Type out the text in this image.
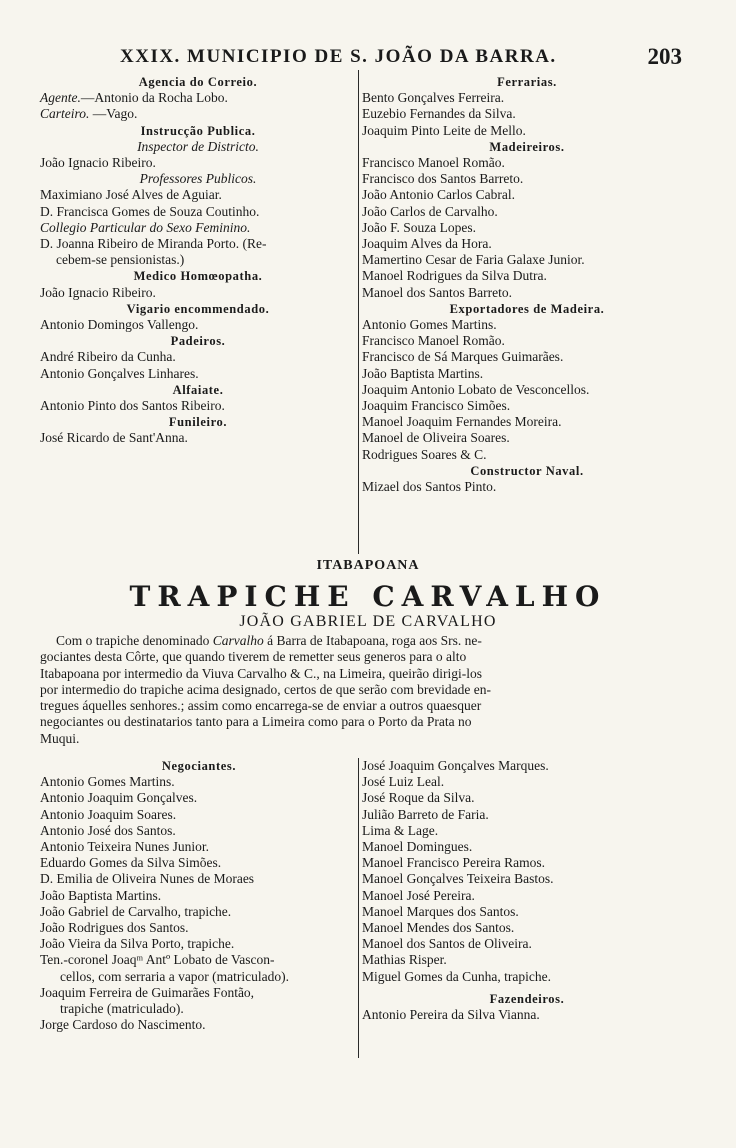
XXIX. MUNICIPIO DE S. JOÃO DA BARRA.	203
Agencia do Correio.
Agente.—Antonio da Rocha Lobo.
Carteiro. —Vago.
Instrucção Publica.
Inspector de Districto.
João Ignacio Ribeiro.
Professores Publicos.
Maximiano José Alves de Aguiar.
D. Francisca Gomes de Souza Coutinho.
Collegio Particular do Sexo Feminino.
D. Joanna Ribeiro de Miranda Porto. (Re-
cebem-se pensionistas.)
Medico Homœopatha.
João Ignacio Ribeiro.
Vigario encommendado.
Antonio Domingos Vallengo.
Padeiros.
André Ribeiro da Cunha.
Antonio Gonçalves Linhares.
Alfaiate.
Antonio Pinto dos Santos Ribeiro.
Funileiro.
José Ricardo de Sant'Anna.
Ferrarias.
Bento Gonçalves Ferreira.
Euzebio Fernandes da Silva.
Joaquim Pinto Leite de Mello.
Madeireiros.
Francisco Manoel Romão.
Francisco dos Santos Barreto.
João Antonio Carlos Cabral.
João Carlos de Carvalho.
João F. Souza Lopes.
Joaquim Alves da Hora.
Mamertino Cesar de Faria Galaxe Junior.
Manoel Rodrigues da Silva Dutra.
Manoel dos Santos Barreto.
Exportadores de Madeira.
Antonio Gomes Martins.
Francisco Manoel Romão.
Francisco de Sá Marques Guimarães.
João Baptista Martins.
Joaquim Antonio Lobato de Vesconcellos.
Joaquim Francisco Simões.
Manoel Joaquim Fernandes Moreira.
Manoel de Oliveira Soares.
Rodrigues Soares & C.
Constructor Naval.
Mizael dos Santos Pinto.
ITABAPOANA
TRAPICHE CARVALHO
JOÃO GABRIEL DE CARVALHO
Com o trapiche denominado Carvalho á Barra de Itabapoana, roga aos Srs. ne-
gociantes desta Côrte, que quando tiverem de remetter seus generos para o alto
Itabapoana por intermedio da Viuva Carvalho & C., na Limeira, queirão dirigi-los
por intermedio do trapiche acima designado, certos de que serão com brevidade en-
tregues áquelles senhores.; assim como encarrega-se de enviar a outros quaesquer
negociantes ou destinatarios tanto para a Limeira como para o Porto da Prata no
Muqui.
Negociantes.
Antonio Gomes Martins.
Antonio Joaquim Gonçalves.
Antonio Joaquim Soares.
Antonio José dos Santos.
Antonio Teixeira Nunes Junior.
Eduardo Gomes da Silva Simões.
D. Emilia de Oliveira Nunes de Moraes
João Baptista Martins.
João Gabriel de Carvalho, trapiche.
João Rodrigues dos Santos.
João Vieira da Silva Porto, trapiche.
Ten.-coronel Joaqᵐ Antº Lobato de Vascon-
cellos, com serraria a vapor (matriculado).
Joaquim Ferreira de Guimarães Fontão,
trapiche (matriculado).
Jorge Cardoso do Nascimento.
José Joaquim Gonçalves Marques.
José Luiz Leal.
José Roque da Silva.
Julião Barreto de Faria.
Lima & Lage.
Manoel Domingues.
Manoel Francisco Pereira Ramos.
Manoel Gonçalves Teixeira Bastos.
Manoel José Pereira.
Manoel Marques dos Santos.
Manoel Mendes dos Santos.
Manoel dos Santos de Oliveira.
Mathias Risper.
Miguel Gomes da Cunha, trapiche.
Fazendeiros.
Antonio Pereira da Silva Vianna.
